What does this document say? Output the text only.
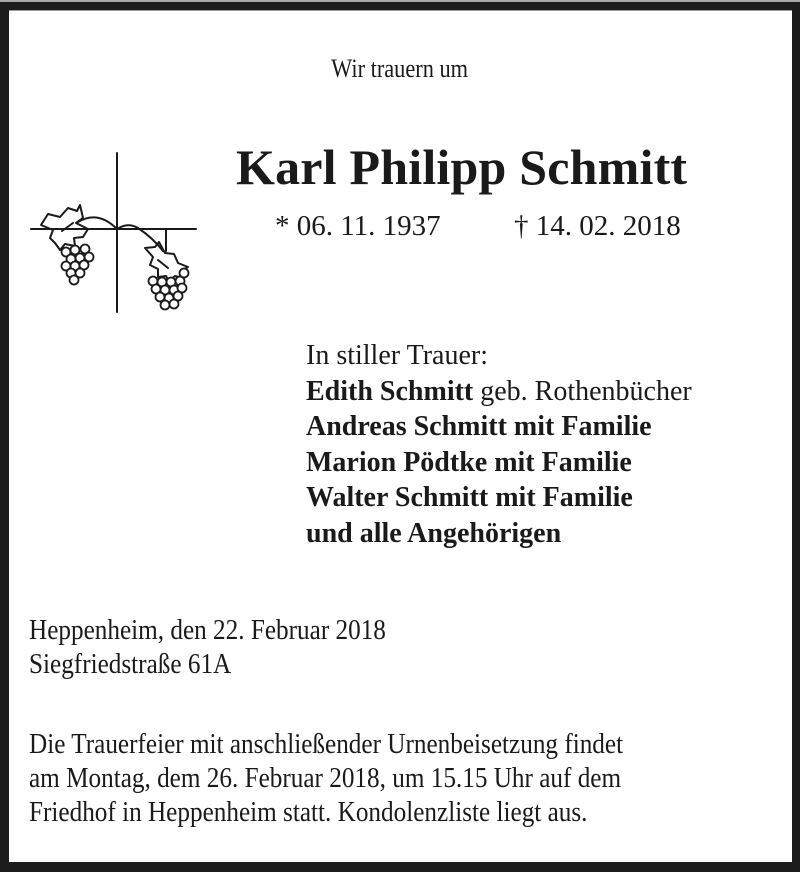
Wir trauern um
Karl Philipp Schmitt
* 06. 11. 1937	† 14. 02. 2018
In stiller Trauer:
Edith Schmitt geb. Rothenbücher
Andreas Schmitt mit Familie
Marion Pödtke mit Familie
Walter Schmitt mit Familie
und alle Angehörigen
Heppenheim, den 22. Februar 2018
Siegfriedstraße 61A
Die Trauerfeier mit anschließender Urnenbeisetzung findet
am Montag, dem 26. Februar 2018, um 15.15 Uhr auf dem
Friedhof in Heppenheim statt. Kondolenzliste liegt aus.
